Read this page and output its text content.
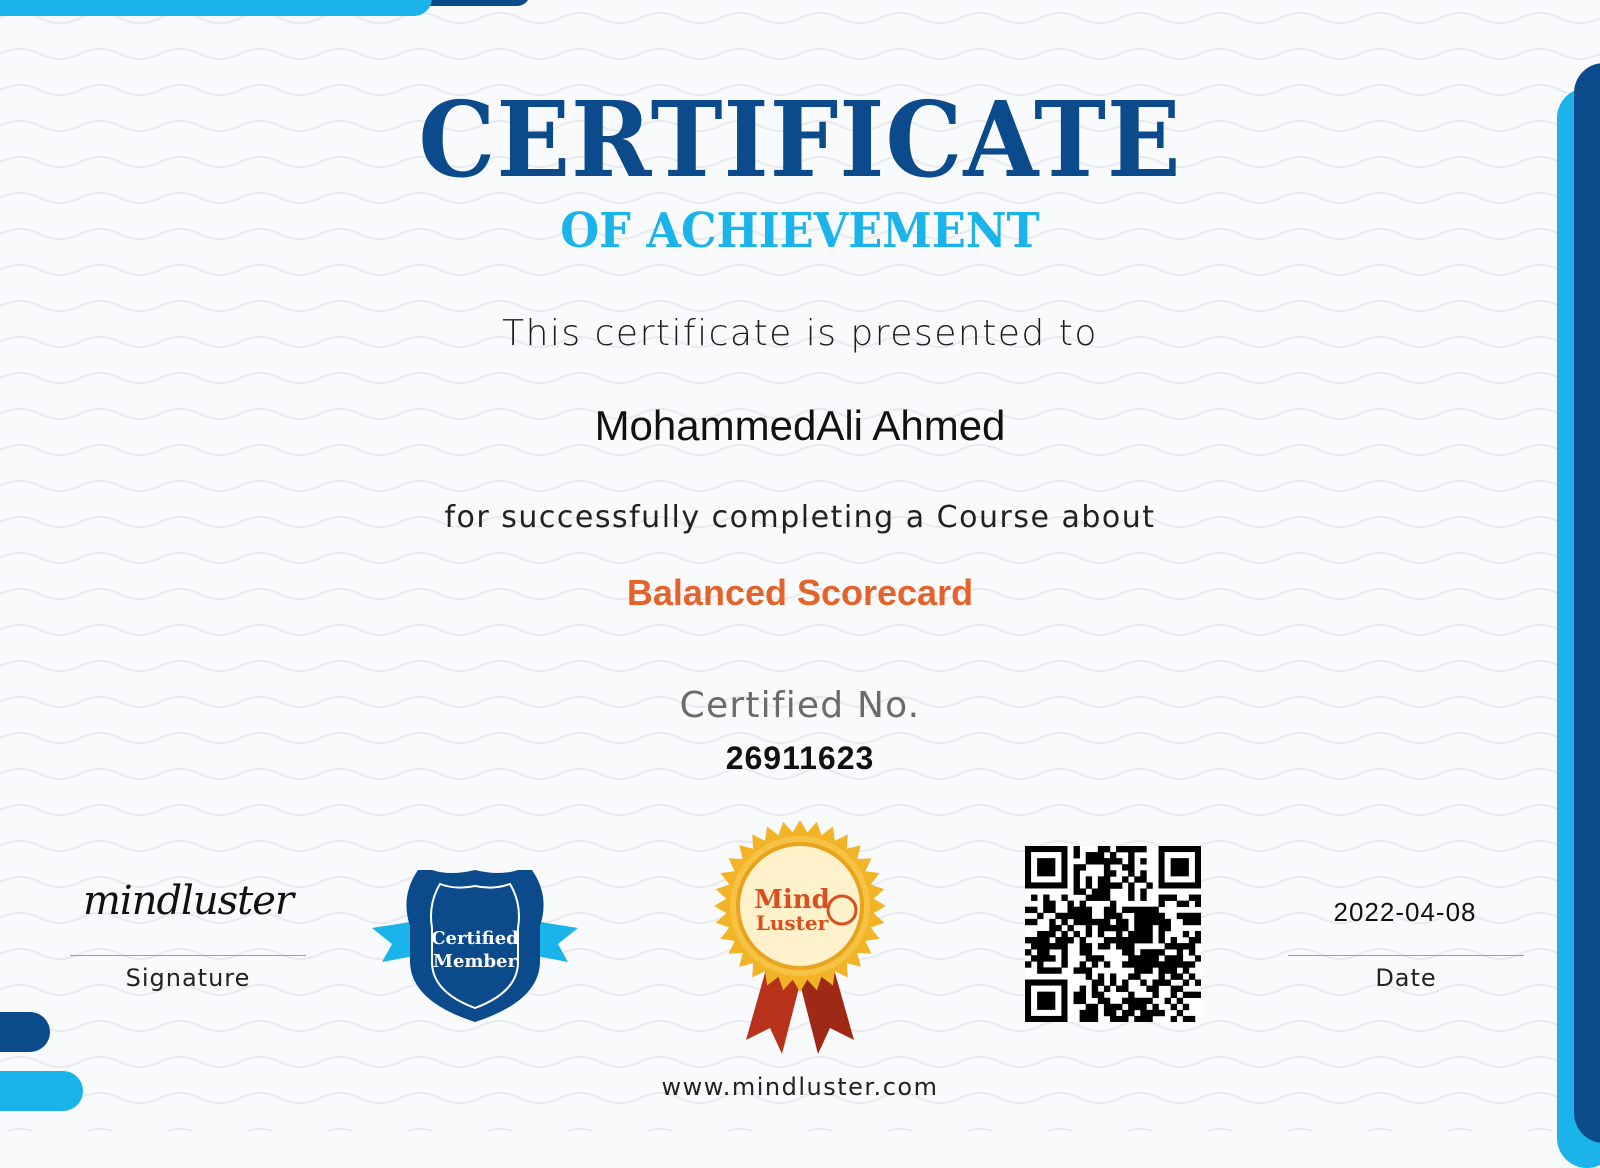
CERTIFICATE
OF ACHIEVEMENT
This certificate is presented to
MohammedAli Ahmed
for successfully completing a Course about
Balanced Scorecard
Certified No.
26911623
mindluster
Signature
Certified
Member
Mind
Luster	2022-04-08
Date
www.mindluster.com
